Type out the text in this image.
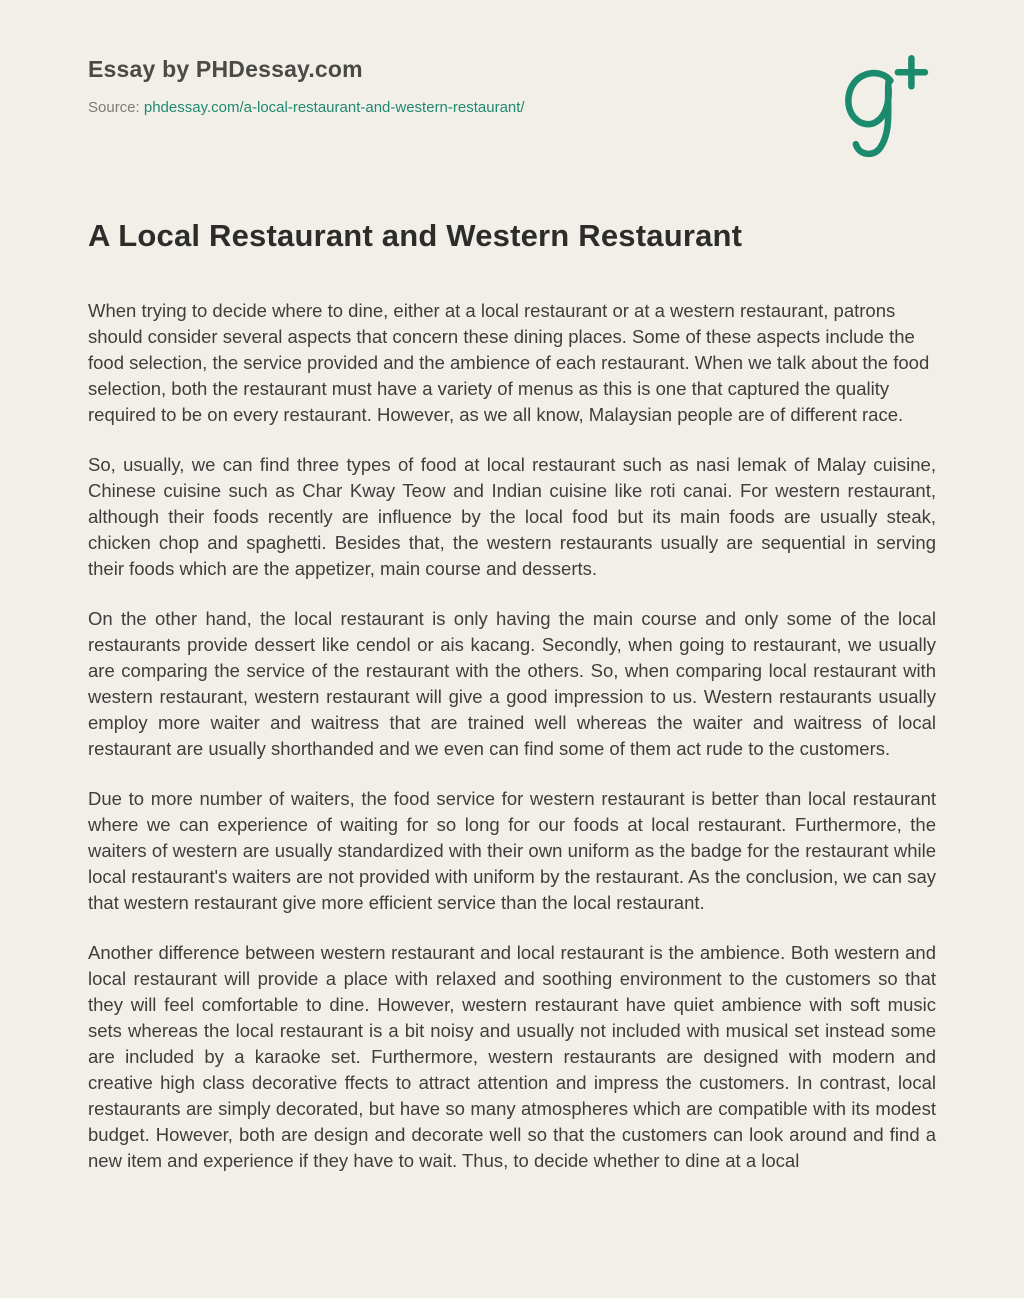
Essay by PHDessay.com
Source: phdessay.com/a-local-restaurant-and-western-restaurant/
A Local Restaurant and Western Restaurant

When trying to decide where to dine, either at a local restaurant or at a western restaurant, patrons should consider several aspects that concern these dining places. Some of these aspects include the food selection, the service provided and the ambience of each restaurant. When we talk about the food selection, both the restaurant must have a variety of menus as this is one that captured the quality required to be on every restaurant. However, as we all know, Malaysian people are of different race.

So, usually, we can find three types of food at local restaurant such as nasi lemak of Malay cuisine, Chinese cuisine such as Char Kway Teow and Indian cuisine like roti canai. For western restaurant, although their foods recently are influence by the local food but its main foods are usually steak, chicken chop and spaghetti. Besides that, the western restaurants usually are sequential in serving their foods which are the appetizer, main course and desserts.

On the other hand, the local restaurant is only having the main course and only some of the local restaurants provide dessert like cendol or ais kacang. Secondly, when going to restaurant, we usually are comparing the service of the restaurant with the others. So, when comparing local restaurant with western restaurant, western restaurant will give a good impression to us. Western restaurants usually employ more waiter and waitress that are trained well whereas the waiter and waitress of local restaurant are usually shorthanded and we even can find some of them act rude to the customers.

Due to more number of waiters, the food service for western restaurant is better than local restaurant where we can experience of waiting for so long for our foods at local restaurant. Furthermore, the waiters of western are usually standardized with their own uniform as the badge for the restaurant while local restaurant's waiters are not provided with uniform by the restaurant. As the conclusion, we can say that western restaurant give more efficient service than the local restaurant.

Another difference between western restaurant and local restaurant is the ambience. Both western and local restaurant will provide a place with relaxed and soothing environment to the customers so that they will feel comfortable to dine. However, western restaurant have quiet ambience with soft music sets whereas the local restaurant is a bit noisy and usually not included with musical set instead some are included by a karaoke set. Furthermore, western restaurants are designed with modern and creative high class decorative ffects to attract attention and impress the customers. In contrast, local restaurants are simply decorated, but have so many atmospheres which are compatible with its modest budget. However, both are design and decorate well so that the customers can look around and find a new item and experience if they have to wait. Thus, to decide whether to dine at a local
